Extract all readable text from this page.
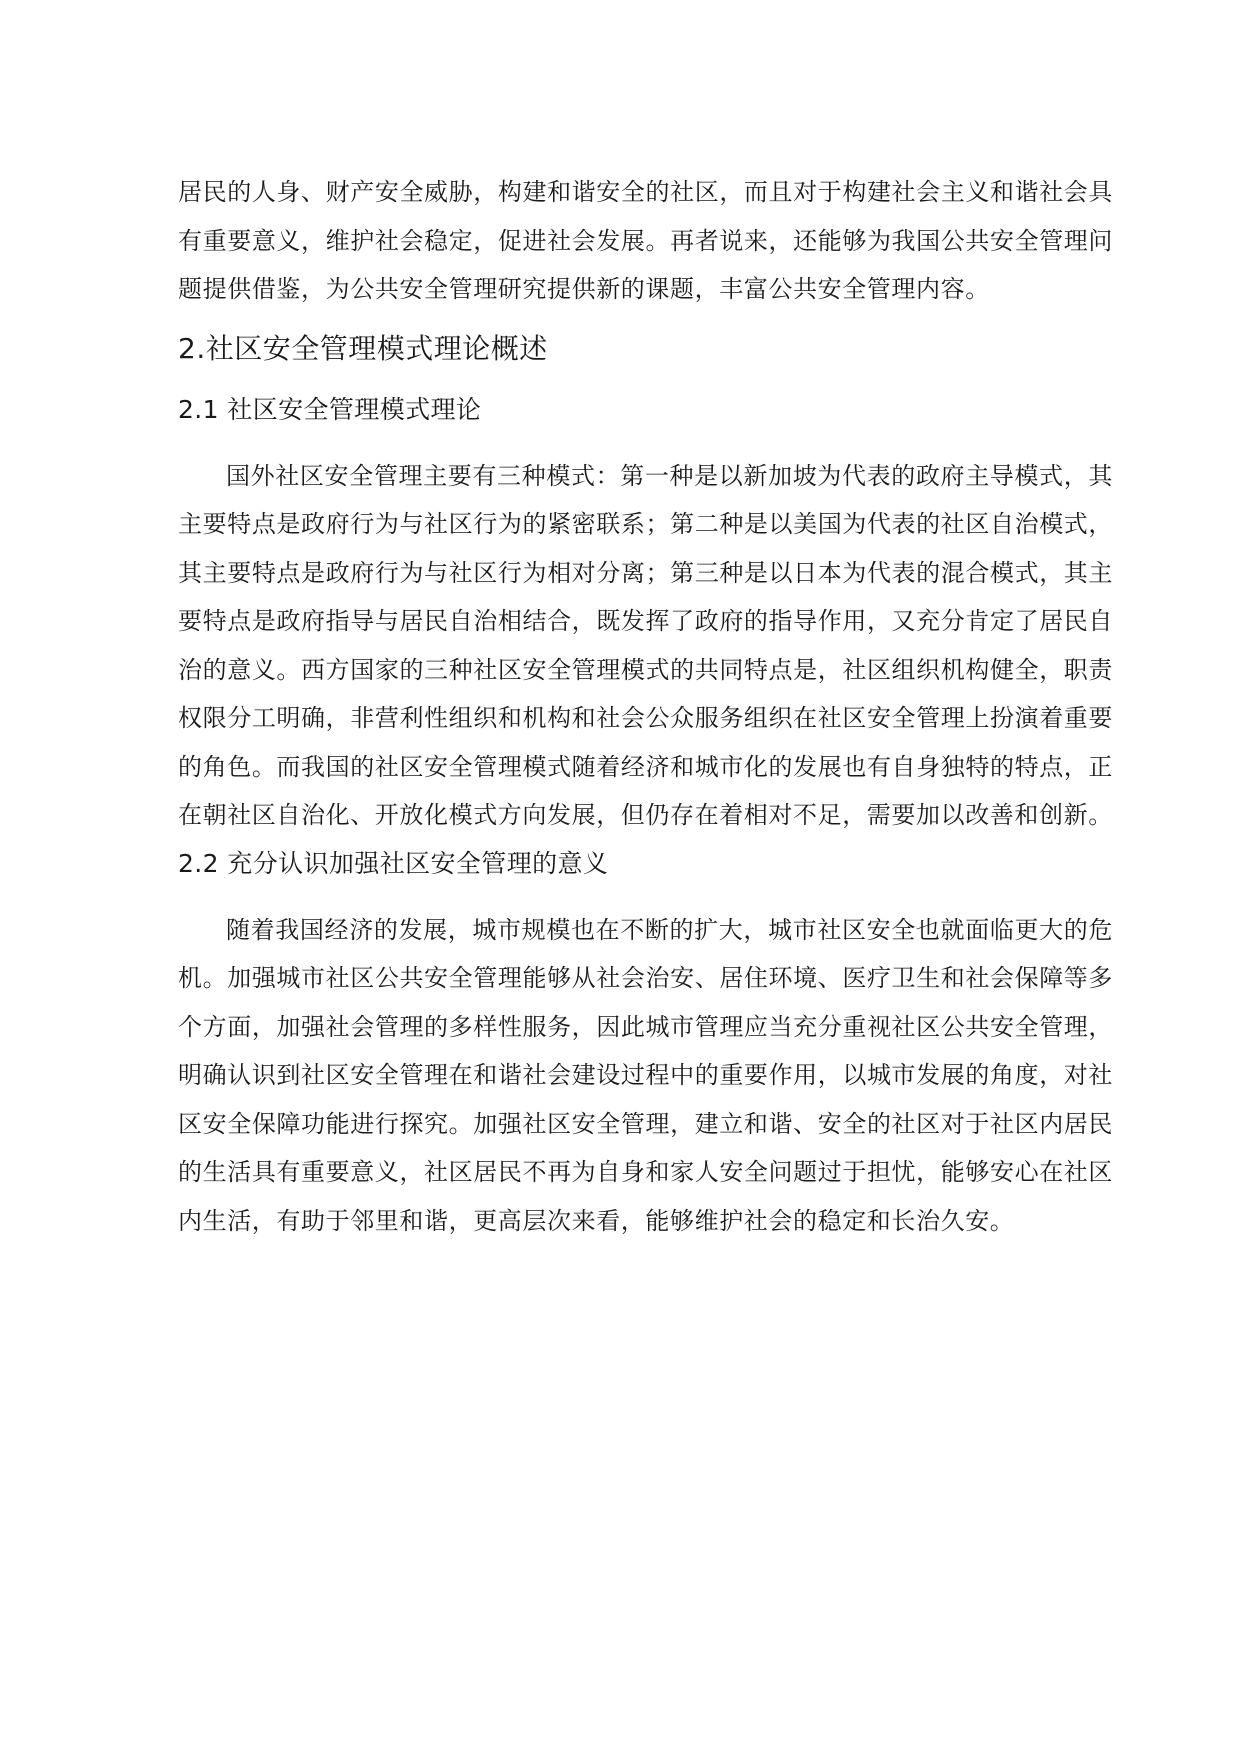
居民的人身、财产安全威胁，构建和谐安全的社区，而且对于构建社会主义和谐社会具有重要意义，维护社会稳定，促进社会发展。再者说来，还能够为我国公共安全管理问题提供借鉴，为公共安全管理研究提供新的课题，丰富公共安全管理内容。

2.社区安全管理模式理论概述
2.1 社区安全管理模式理论

国外社区安全管理主要有三种模式：第一种是以新加坡为代表的政府主导模式，其主要特点是政府行为与社区行为的紧密联系；第二种是以美国为代表的社区自治模式，其主要特点是政府行为与社区行为相对分离；第三种是以日本为代表的混合模式，其主要特点是政府指导与居民自治相结合，既发挥了政府的指导作用，又充分肯定了居民自治的意义。西方国家的三种社区安全管理模式的共同特点是，社区组织机构健全，职责权限分工明确，非营利性组织和机构和社会公众服务组织在社区安全管理上扮演着重要的角色。而我国的社区安全管理模式随着经济和城市化的发展也有自身独特的特点，正在朝社区自治化、开放化模式方向发展，但仍存在着相对不足，需要加以改善和创新。

2.2 充分认识加强社区安全管理的意义

随着我国经济的发展，城市规模也在不断的扩大，城市社区安全也就面临更大的危机。加强城市社区公共安全管理能够从社会治安、居住环境、医疗卫生和社会保障等多个方面，加强社会管理的多样性服务，因此城市管理应当充分重视社区公共安全管理，明确认识到社区安全管理在和谐社会建设过程中的重要作用，以城市发展的角度，对社区安全保障功能进行探究。加强社区安全管理，建立和谐、安全的社区对于社区内居民的生活具有重要意义，社区居民不再为自身和家人安全问题过于担忧，能够安心在社区内生活，有助于邻里和谐，更高层次来看，能够维护社会的稳定和长治久安。
